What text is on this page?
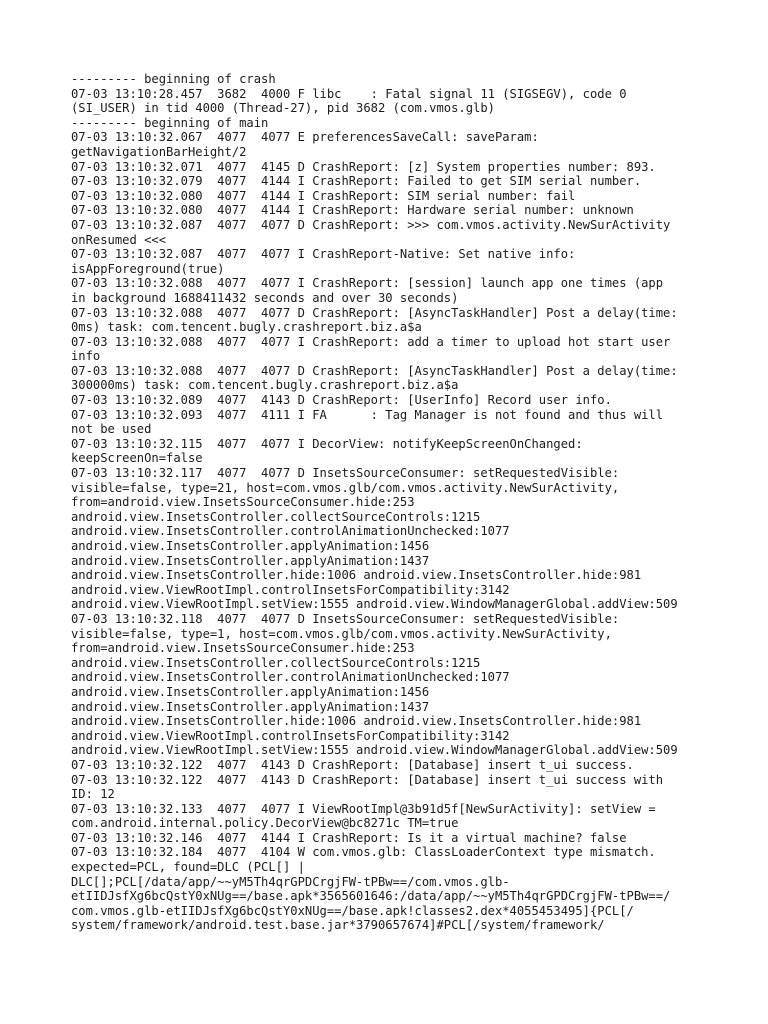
--------- beginning of crash
07-03 13:10:28.457  3682  4000 F libc    : Fatal signal 11 (SIGSEGV), code 0
(SI_USER) in tid 4000 (Thread-27), pid 3682 (com.vmos.glb)
--------- beginning of main
07-03 13:10:32.067  4077  4077 E preferencesSaveCall: saveParam:
getNavigationBarHeight/2
07-03 13:10:32.071  4077  4145 D CrashReport: [z] System properties number: 893.
07-03 13:10:32.079  4077  4144 I CrashReport: Failed to get SIM serial number.
07-03 13:10:32.080  4077  4144 I CrashReport: SIM serial number: fail
07-03 13:10:32.080  4077  4144 I CrashReport: Hardware serial number: unknown
07-03 13:10:32.087  4077  4077 D CrashReport: >>> com.vmos.activity.NewSurActivity
onResumed <<<
07-03 13:10:32.087  4077  4077 I CrashReport-Native: Set native info:
isAppForeground(true)
07-03 13:10:32.088  4077  4077 I CrashReport: [session] launch app one times (app
in background 1688411432 seconds and over 30 seconds)
07-03 13:10:32.088  4077  4077 D CrashReport: [AsyncTaskHandler] Post a delay(time:
0ms) task: com.tencent.bugly.crashreport.biz.a$a
07-03 13:10:32.088  4077  4077 I CrashReport: add a timer to upload hot start user
info
07-03 13:10:32.088  4077  4077 D CrashReport: [AsyncTaskHandler] Post a delay(time:
300000ms) task: com.tencent.bugly.crashreport.biz.a$a
07-03 13:10:32.089  4077  4143 D CrashReport: [UserInfo] Record user info.
07-03 13:10:32.093  4077  4111 I FA      : Tag Manager is not found and thus will
not be used
07-03 13:10:32.115  4077  4077 I DecorView: notifyKeepScreenOnChanged:
keepScreenOn=false
07-03 13:10:32.117  4077  4077 D InsetsSourceConsumer: setRequestedVisible:
visible=false, type=21, host=com.vmos.glb/com.vmos.activity.NewSurActivity,
from=android.view.InsetsSourceConsumer.hide:253
android.view.InsetsController.collectSourceControls:1215
android.view.InsetsController.controlAnimationUnchecked:1077
android.view.InsetsController.applyAnimation:1456
android.view.InsetsController.applyAnimation:1437
android.view.InsetsController.hide:1006 android.view.InsetsController.hide:981
android.view.ViewRootImpl.controlInsetsForCompatibility:3142
android.view.ViewRootImpl.setView:1555 android.view.WindowManagerGlobal.addView:509
07-03 13:10:32.118  4077  4077 D InsetsSourceConsumer: setRequestedVisible:
visible=false, type=1, host=com.vmos.glb/com.vmos.activity.NewSurActivity,
from=android.view.InsetsSourceConsumer.hide:253
android.view.InsetsController.collectSourceControls:1215
android.view.InsetsController.controlAnimationUnchecked:1077
android.view.InsetsController.applyAnimation:1456
android.view.InsetsController.applyAnimation:1437
android.view.InsetsController.hide:1006 android.view.InsetsController.hide:981
android.view.ViewRootImpl.controlInsetsForCompatibility:3142
android.view.ViewRootImpl.setView:1555 android.view.WindowManagerGlobal.addView:509
07-03 13:10:32.122  4077  4143 D CrashReport: [Database] insert t_ui success.
07-03 13:10:32.122  4077  4143 D CrashReport: [Database] insert t_ui success with
ID: 12
07-03 13:10:32.133  4077  4077 I ViewRootImpl@3b91d5f[NewSurActivity]: setView =
com.android.internal.policy.DecorView@bc8271c TM=true
07-03 13:10:32.146  4077  4144 I CrashReport: Is it a virtual machine? false
07-03 13:10:32.184  4077  4104 W com.vmos.glb: ClassLoaderContext type mismatch.
expected=PCL, found=DLC (PCL[] |
DLC[];PCL[/data/app/~~yM5Th4qrGPDCrgjFW-tPBw==/com.vmos.glb-
etIIDJsfXg6bcQstY0xNUg==/base.apk*3565601646:/data/app/~~yM5Th4qrGPDCrgjFW-tPBw==/
com.vmos.glb-etIIDJsfXg6bcQstY0xNUg==/base.apk!classes2.dex*4055453495]{PCL[/
system/framework/android.test.base.jar*3790657674]#PCL[/system/framework/
